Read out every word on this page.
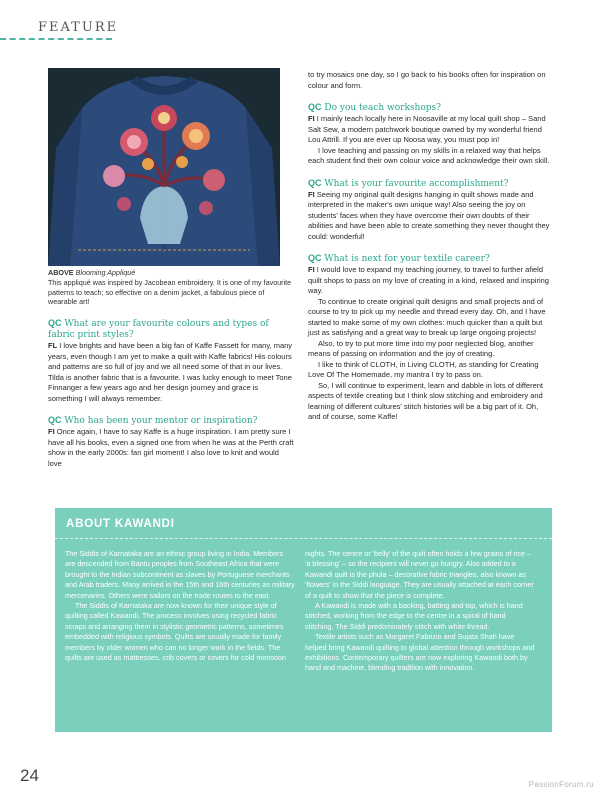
FEATURE

ABOVE Blooming Appliqué
This appliqué was inspired by Jacobean embroidery. It is one of my favourite patterns to teach; so effective on a denim jacket, a fabulous piece of wearable art!

QC What are your favourite colours and types of fabric print styles?

FL I love brights and have been a big fan of Kaffe Fassett for many, many years, even though I am yet to make a quilt with Kaffe fabrics! His colours and patterns are so full of joy and we all need some of that in our lives. Tilda is another fabric that is a favourite. I was lucky enough to meet Tone Finnanger a few years ago and her design journey and grace is something I will always remember.

QC Who has been your mentor or inspiration?

FI Once again, I have to say Kaffe is a huge inspiration. I am pretty sure I have all his books, even a signed one from when he was at the Perth craft show in the early 2000s: fan girl moment! I also love to knit and would love

to try mosaics one day, so I go back to his books often for inspiration on colour and form.

QC Do you teach workshops?

FI I mainly teach locally here in Noosaville at my local quilt shop – Sand Salt Sew, a modern patchwork boutique owned by my wonderful friend Lou Attrill. If you are ever up Noosa way, you must pop in!

I love teaching and passing on my skills in a relaxed way that helps each student find their own colour voice and acknowledge their own skill.

QC What is your favourite accomplishment?

FI Seeing my original quilt designs hanging in quilt shows made and interpreted in the maker's own unique way! Also seeing the joy on students' faces when they have overcome their own doubts of their abilities and have been able to create something they never thought they could: wonderful!

QC What is next for your textile career?

FI I would love to expand my teaching journey, to travel to further afield quilt shops to pass on my love of creating in a kind, relaxed and inspiring way.

To continue to create original quilt designs and small projects and of course to try to pick up my needle and thread every day. Oh, and I have started to make some of my own clothes: much quicker than a quilt but just as satisfying and a great way to break up large ongoing projects!

Also, to try to put more time into my poor neglected blog, another means of passing on information and the joy of creating.

I like to think of CLOTH, in Living CLOTH, as standing for Creating Love Of The Homemade, my mantra I try to pass on.

So, I will continue to experiment, learn and dabble in lots of different aspects of textile creating but I think slow stitching and embroidery and learning of different cultures' stitch histories will be a big part of it. Oh, and of course, some Kaffe!

ABOUT KAWANDI

The Siddis of Karnataka are an ethnic group living in India. Members are descended from Bantu peoples from Southeast Africa that were brought to the Indian subcontinent as slaves by Portuguese merchants and Arab traders. Many arrived in the 15th and 16th centuries as military mercenaries. Others were sailors on the trade routes to the east.

The Siddis of Karnataka are now known for their unique style of quilting called Kawandi. The process involves using recycled fabric scraps and arranging them in stylistic geometric patterns, sometimes embedded with religious symbols. Quilts are usually made for family members by older women who can no longer work in the fields. The quilts are used as mattresses, crib covers or covers for cold monsoon

nights. The centre or 'belly' of the quilt often holds a few grains of rice – 'a blessing' – so the recipient will never go hungry. Also added to a Kawandi quilt is the phula – decorative fabric triangles, also known as 'flowers' in the Siddi language. They are usually attached at each corner of a quilt to show that the piece is complete.

A Kawandi is made with a backing, batting and top, which is hand stitched, working from the edge to the centre in a spiral of hand stitching. The Siddi predominately stitch with white thread.

Textile artists such as Margaret Fabrizio and Sujata Shah have helped bring Kawandi quilting to global attention through workshops and exhibitions. Contemporary quilters are now exploring Kawandi both by hand and machine, blending tradition with innovation.

24	PassionForum.ru
